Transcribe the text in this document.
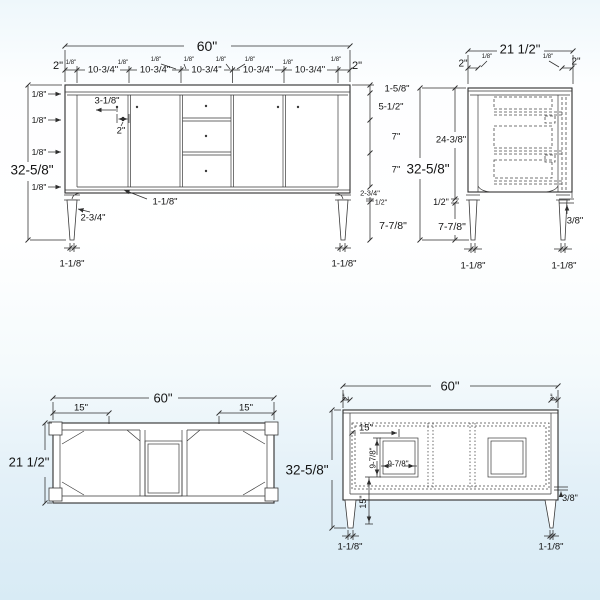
60"
2"	2"
10-3/4" 10-3/4" 10-3/4" 10-3/4" 10-3/4"
1/8"	1/8"	1/8"	1/8"	1/8"	1/8"	1/8"	1/8"
1/8"
1/8"
1/8"
1/8"
32-5/8"
3-1/8"
2"
1-1/8"
2-3/4"
1-1/8"
1-5/8"
5-1/2"
7"
7"
2-3/4"
1/2"
7-7/8"
1-1/8"
21 1/2"
2"	2"
1/8"	1/8"
32-5/8"
24-3/8"
1/2"
7-7/8"
1-1/8"
3/8"
1-1/8"
60"
15"	15"
21 1/2"
60"
2"	2"
32-5/8"
15"
9-7/8" 9-7/8"
15"	3/8"
1-1/8"	1-1/8"
